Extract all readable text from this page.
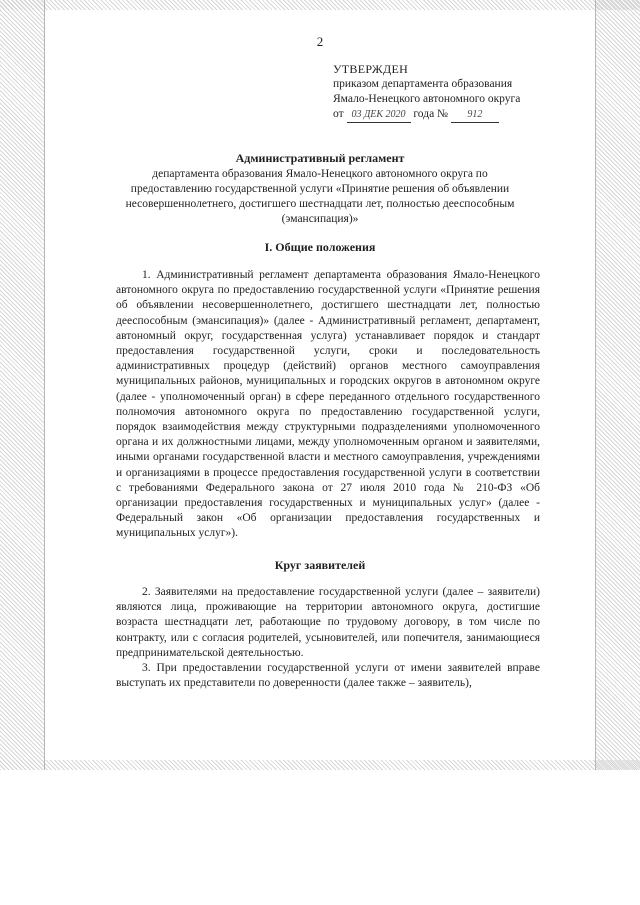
2
УТВЕРЖДЕН
приказом департамента образования
Ямало-Ненецкого автономного округа
от 03 ДЕК 2020 года № 912
Административный регламент
департамента образования Ямало-Ненецкого автономного округа по предоставлению государственной услуги «Принятие решения об объявлении несовершеннолетнего, достигшего шестнадцати лет, полностью дееспособным (эмансипация)»
I. Общие положения

1. Административный регламент департамента образования Ямало-Ненецкого автономного округа по предоставлению государственной услуги «Принятие решения об объявлении несовершеннолетнего, достигшего шестнадцати лет, полностью дееспособным (эмансипация)» (далее - Административный регламент, департамент, автономный округ, государственная услуга) устанавливает порядок и стандарт предоставления государственной услуги, сроки и последовательность административных процедур (действий) органов местного самоуправления муниципальных районов, муниципальных и городских округов в автономном округе (далее - уполномоченный орган) в сфере переданного отдельного государственного полномочия автономного округа по предоставлению государственной услуги, порядок взаимодействия между структурными подразделениями уполномоченного органа и их должностными лицами, между уполномоченным органом и заявителями, иными органами государственной власти и местного самоуправления, учреждениями и организациями в процессе предоставления государственной услуги в соответствии с требованиями Федерального закона от 27 июля 2010 года № 210-ФЗ «Об организации предоставления государственных и муниципальных услуг» (далее - Федеральный закон «Об организации предоставления государственных и муниципальных услуг»).

Круг заявителей

2. Заявителями на предоставление государственной услуги (далее – заявители) являются лица, проживающие на территории автономного округа, достигшие возраста шестнадцати лет, работающие по трудовому договору, в том числе по контракту, или с согласия родителей, усыновителей, или попечителя, занимающиеся предпринимательской деятельностью.

3. При предоставлении государственной услуги от имени заявителей вправе выступать их представители по доверенности (далее также – заявитель),
